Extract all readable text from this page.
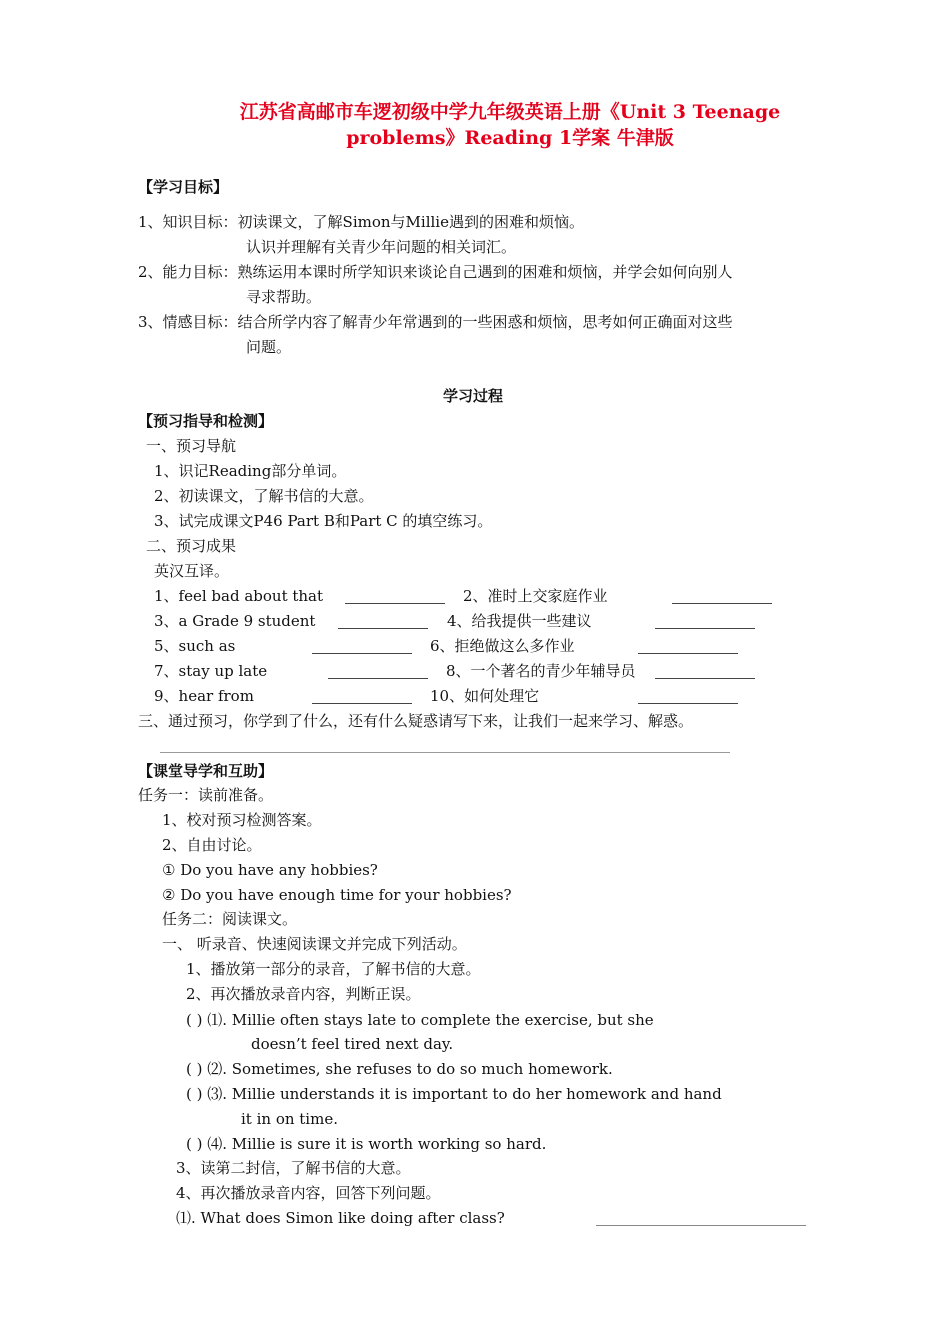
江苏省高邮市车逻初级中学九年级英语上册《Unit 3 Teenage problems》Reading 1学案 牛津版
【学习目标】
1、知识目标：初读课文，了解Simon与Millie遇到的困难和烦恼。
认识并理解有关青少年问题的相关词汇。
2、能力目标：熟练运用本课时所学知识来谈论自己遇到的困难和烦恼，并学会如何向别人
寻求帮助。
3、情感目标：结合所学内容了解青少年常遇到的一些困惑和烦恼，思考如何正确面对这些
问题。
学习过程
【预习指导和检测】
一、预习导航
1、识记Reading部分单词。
2、初读课文，了解书信的大意。
3、试完成课文P46 Part B和Part C 的填空练习。
二、预习成果
英汉互译。
1、feel bad about that	2、准时上交家庭作业
3、a Grade 9 student	4、给我提供一些建议
5、such as	6、拒绝做这么多作业
7、stay up late	8、一个著名的青少年辅导员
9、hear from	10、如何处理它
三、通过预习，你学到了什么，还有什么疑惑请写下来，让我们一起来学习、解惑。
【课堂导学和互助】
任务一：读前准备。
1、校对预习检测答案。
2、自由讨论。
① Do you have any hobbies?
② Do you have enough time for your hobbies?
任务二：阅读课文。
一、 听录音、快速阅读课文并完成下列活动。
1、播放第一部分的录音，了解书信的大意。
2、再次播放录音内容，判断正误。
( ) ⑴. Millie often stays late to complete the exercise, but she
doesn’t feel tired next day.
( ) ⑵. Sometimes, she refuses to do so much homework.
( ) ⑶. Millie understands it is important to do her homework and hand
it in on time.
( ) ⑷. Millie is sure it is worth working so hard.
3、读第二封信，了解书信的大意。
4、再次播放录音内容，回答下列问题。
⑴. What does Simon like doing after class?
